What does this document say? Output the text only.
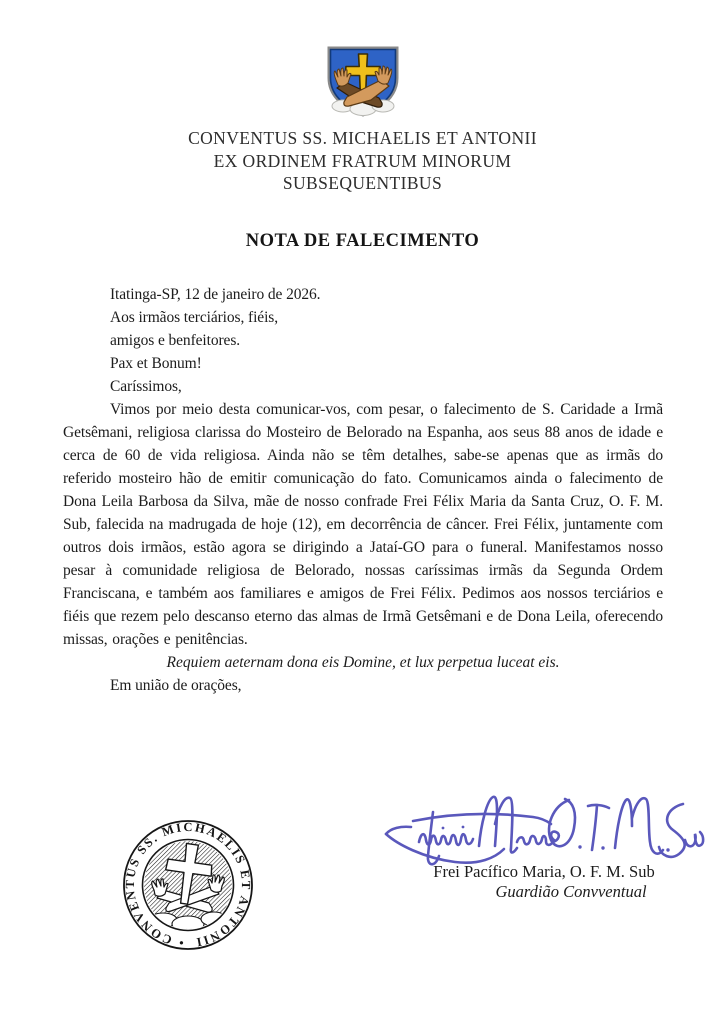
CONVENTUS SS. MICHAELIS ET ANTONII
EX ORDINEM FRATRUM MINORUM
SUBSEQUENTIBUS
NOTA DE FALECIMENTO

Itatinga-SP, 12 de janeiro de 2026.

Aos irmãos terciários, fiéis,
amigos e benfeitores.

Pax et Bonum!

Caríssimos,

Vimos por meio desta comunicar-vos, com pesar, o falecimento de S. Caridade a Irmã Getsêmani, religiosa clarissa do Mosteiro de Belorado na Espanha, aos seus 88 anos de idade e cerca de 60 de vida religiosa. Ainda não se têm detalhes, sabe-se apenas que as irmãs do referido mosteiro hão de emitir comunicação do fato. Comunicamos ainda o falecimento de Dona Leila Barbosa da Silva, mãe de nosso confrade Frei Félix Maria da Santa Cruz, O. F. M. Sub, falecida na madrugada de hoje (12), em decorrência de câncer. Frei Félix, juntamente com outros dois irmãos, estão agora se dirigindo a Jataí-GO para o funeral. Manifestamos nosso pesar à comunidade religiosa de Belorado, nossas caríssimas irmãs da Segunda Ordem Franciscana, e também aos familiares e amigos de Frei Félix. Pedimos aos nossos terciários e fiéis que rezem pelo descanso eterno das almas de Irmã Getsêmani e de Dona Leila, oferecendo missas, orações e penitências.

Requiem aeternam dona eis Domine, et lux perpetua luceat eis.

Em união de orações,

Frei Pacífico Maria, O. F. M. Sub
Guardião Convventual
• CONVENTUS SS. MICHAELIS ET ANTONII
